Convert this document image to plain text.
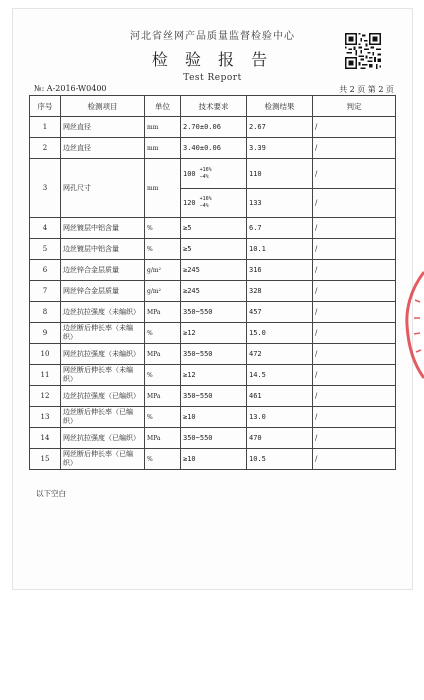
河北省丝网产品质量监督检验中心
检 验 报 告
Test Report
№: A-2016-W0400	共 2 页 第 2 页
序号	检测项目	单位	技术要求	检测结果	判定
1	网丝直径	mm	2.70±0.06	2.67	/
2	边丝直径	mm	3.40±0.06	3.39	/
3	网孔尺寸	mm	100 +16%
−4%	110	/
			120 +16%
−4%	133	/
4	网丝镀层中铝含量	%	≥5	6.7	/
5	边丝镀层中铝含量	%	≥5	10.1	/
6	边丝锌合金层质量	g/m²	≥245	316	/
7	网丝锌合金层质量	g/m²	≥245	328	/
8	边丝抗拉强度（未编织）	MPa	350~550	457	/
9	边丝断后伸长率（未编织）	%	≥12	15.0	/
10	网丝抗拉强度（未编织）	MPa	350~550	472	/
11	网丝断后伸长率（未编织）	%	≥12	14.5	/
12	边丝抗拉强度（已编织）	MPa	350~550	461	/
13	边丝断后伸长率（已编织）	%	≥10	13.0	/
14	网丝抗拉强度（已编织）	MPa	350~550	470	/
15	网丝断后伸长率（已编织）	%	≥10	10.5	/
以下空白
